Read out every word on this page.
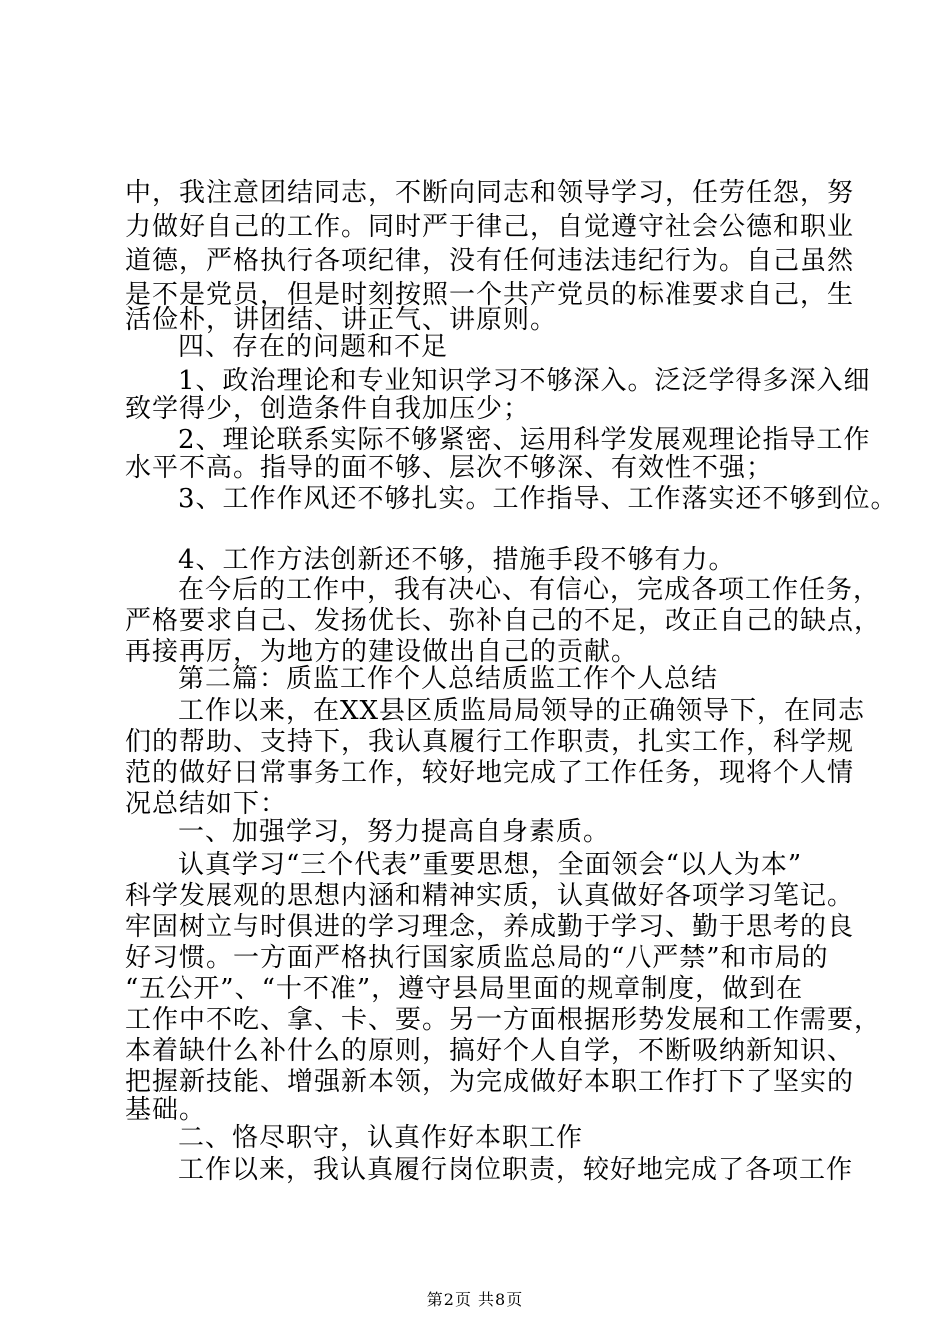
中，我注意团结同志，不断向同志和领导学习，任劳任怨，努
力做好自己的工作。同时严于律己，自觉遵守社会公德和职业
道德，严格执行各项纪律，没有任何违法违纪行为。自己虽然
是不是党员，但是时刻按照一个共产党员的标准要求自己，生
活俭朴，讲团结、讲正气、讲原则。
四、存在的问题和不足
1、政治理论和专业知识学习不够深入。泛泛学得多深入细
致学得少，创造条件自我加压少；
2、理论联系实际不够紧密、运用科学发展观理论指导工作
水平不高。指导的面不够、层次不够深、有效性不强；
3、工作作风还不够扎实。工作指导、工作落实还不够到位。
4、工作方法创新还不够，措施手段不够有力。
在今后的工作中，我有决心、有信心，完成各项工作任务，
严格要求自己、发扬优长、弥补自己的不足，改正自己的缺点，
再接再厉，为地方的建设做出自己的贡献。
第二篇：质监工作个人总结质监工作个人总结
工作以来，在XX县区质监局局领导的正确领导下，在同志
们的帮助、支持下，我认真履行工作职责，扎实工作，科学规
范的做好日常事务工作，较好地完成了工作任务，现将个人情
况总结如下：
一、加强学习，努力提高自身素质。
认真学习“三个代表”重要思想，全面领会“以人为本”
科学发展观的思想内涵和精神实质，认真做好各项学习笔记。
牢固树立与时俱进的学习理念，养成勤于学习、勤于思考的良
好习惯。一方面严格执行国家质监总局的“八严禁”和市局的
“五公开”、“十不准”，遵守县局里面的规章制度，做到在
工作中不吃、拿、卡、要。另一方面根据形势发展和工作需要，
本着缺什么补什么的原则，搞好个人自学，不断吸纳新知识、
把握新技能、增强新本领，为完成做好本职工作打下了坚实的
基础。
二、恪尽职守，认真作好本职工作
工作以来，我认真履行岗位职责，较好地完成了各项工作
第2页 共8页
